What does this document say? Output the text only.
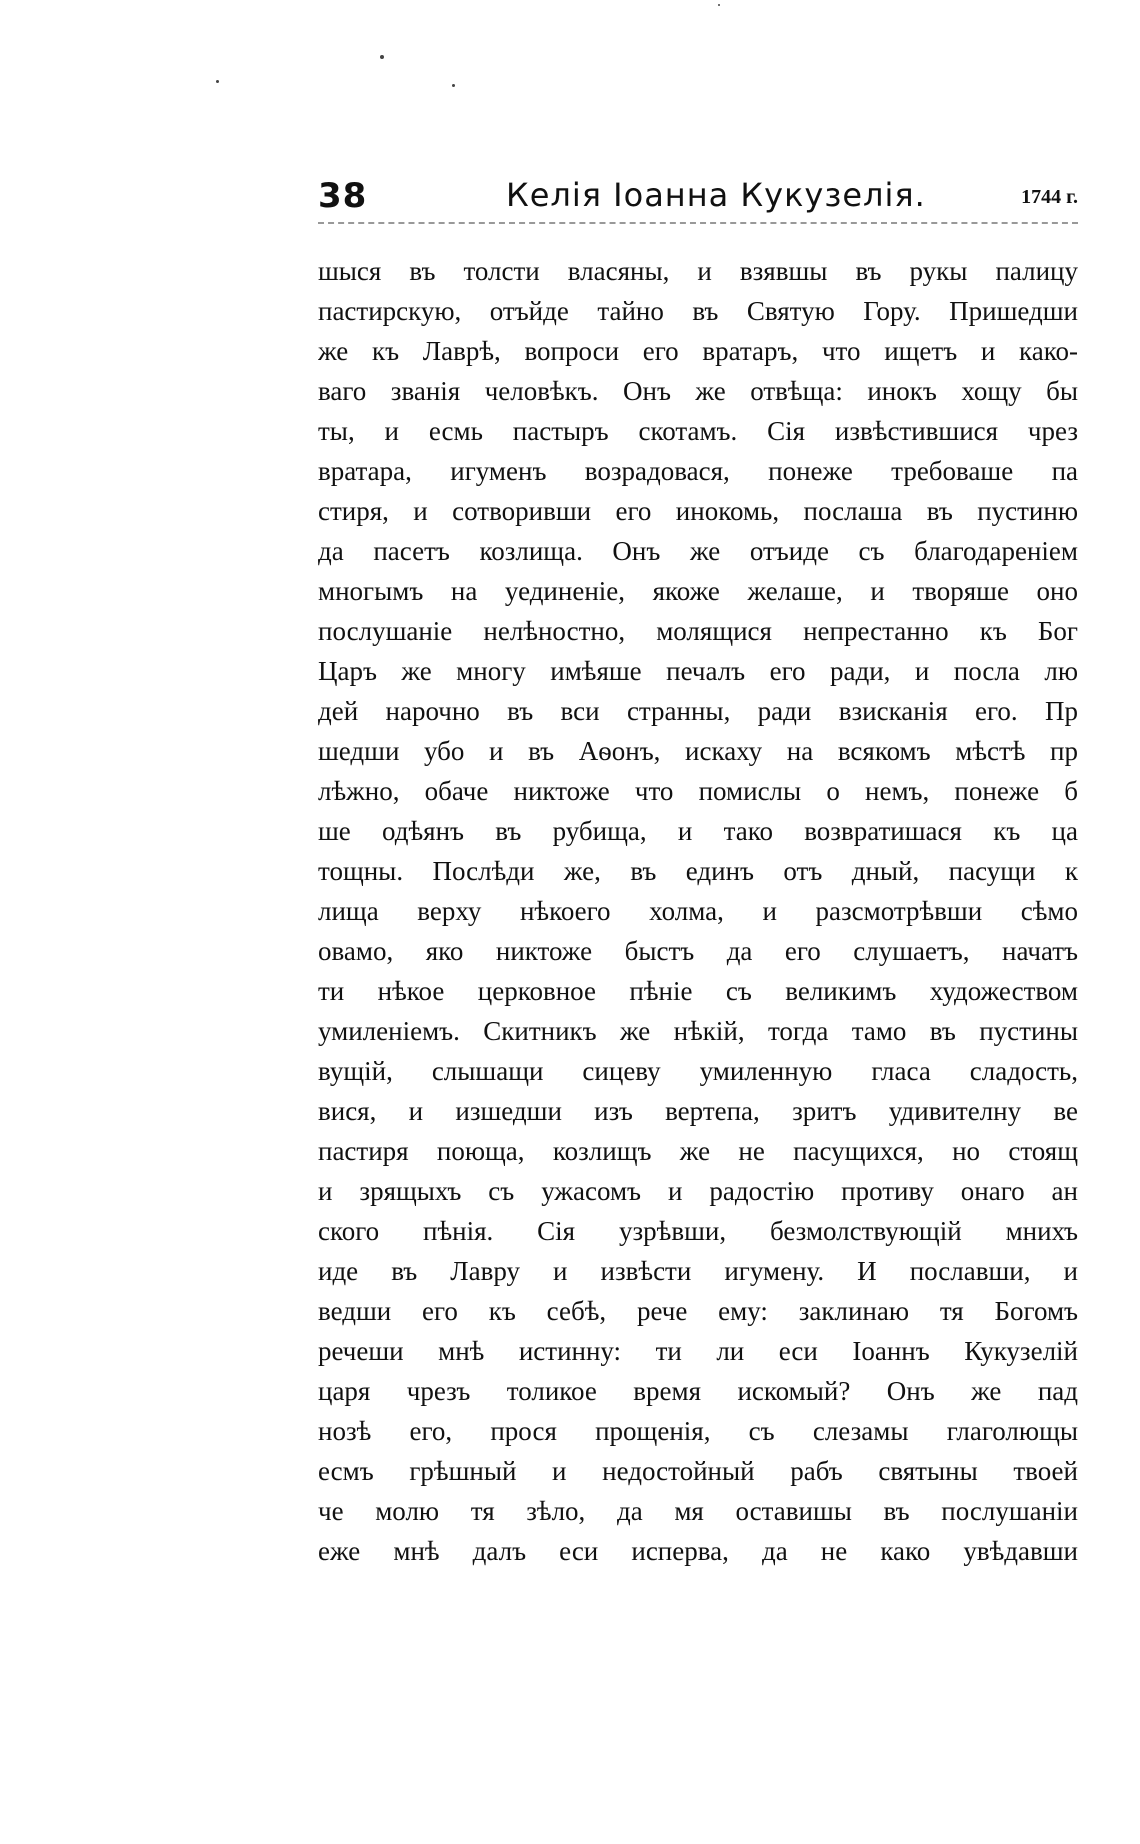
38	Келія Іоанна Кукузелія.	1744 г.
шыся въ толсти власяны, и взявшы въ рукы палицу
пастирскую, отъйде тайно въ Святую Гору. Пришедши
же къ Лаврѣ, вопроси его вратаръ, что ищетъ и како-
ваго званія человѣкъ. Онъ же отвѣща: инокъ хощу бы
ты, и есмь пастыръ скотамъ. Сія извѣстившися чрез
вратара, игуменъ возрадовася, понеже требоваше па
стиря, и сотворивши его инокомь, послаша въ пустиню
да пасетъ козлища. Онъ же отъиде съ благодареніем
многымъ на уединеніе, якоже желаше, и творяше оно
послушаніе нелѣностно, молящися непрестанно къ Бог
Царъ же многу имѣяше печалъ его ради, и посла лю
дей нарочно въ вси странны, ради взисканія его. Пр
шедши убо и въ Аѳонъ, искаху на всякомъ мѣстѣ пр
лѣжно, обаче никтоже что помислы о немъ, понеже б
ше одѣянъ въ рубища, и тако возвратишася къ ца
тощны. Послѣди же, въ единъ отъ дный, пасущи к
лища верху нѣкоего холма, и разсмотрѣвши сѣмо
овамо, яко никтоже быстъ да его слушаетъ, начатъ
ти нѣкое церковное пѣніе съ великимъ художеством
умиленіемъ. Скитникъ же нѣкій, тогда тамо въ пустины
вущій, слышащи сицеву умиленную гласа сладость,
вися, и изшедши изъ вертепа, зритъ удивителну ве
пастиря поюща, козлищъ же не пасущихся, но стоящ
и зрящыхъ съ ужасомъ и радостію противу онаго ан
ского пѣнія. Сія узрѣвши, безмолствующій мнихъ
иде въ Лавру и извѣсти игумену. И пославши, и
ведши его къ себѣ, рече ему: заклинаю тя Богомъ
речеши мнѣ истинну: ти ли еси Іоаннъ Кукузелій
царя чрезъ толикое время искомый? Онъ же пад
нозѣ его, прося прощенія, съ слезамы глаголющы
есмъ грѣшный и недостойный рабъ святыны твоей
че молю тя зѣло, да мя оставишы въ послушаніи
еже мнѣ далъ еси исперва, да не како увѣдавши
